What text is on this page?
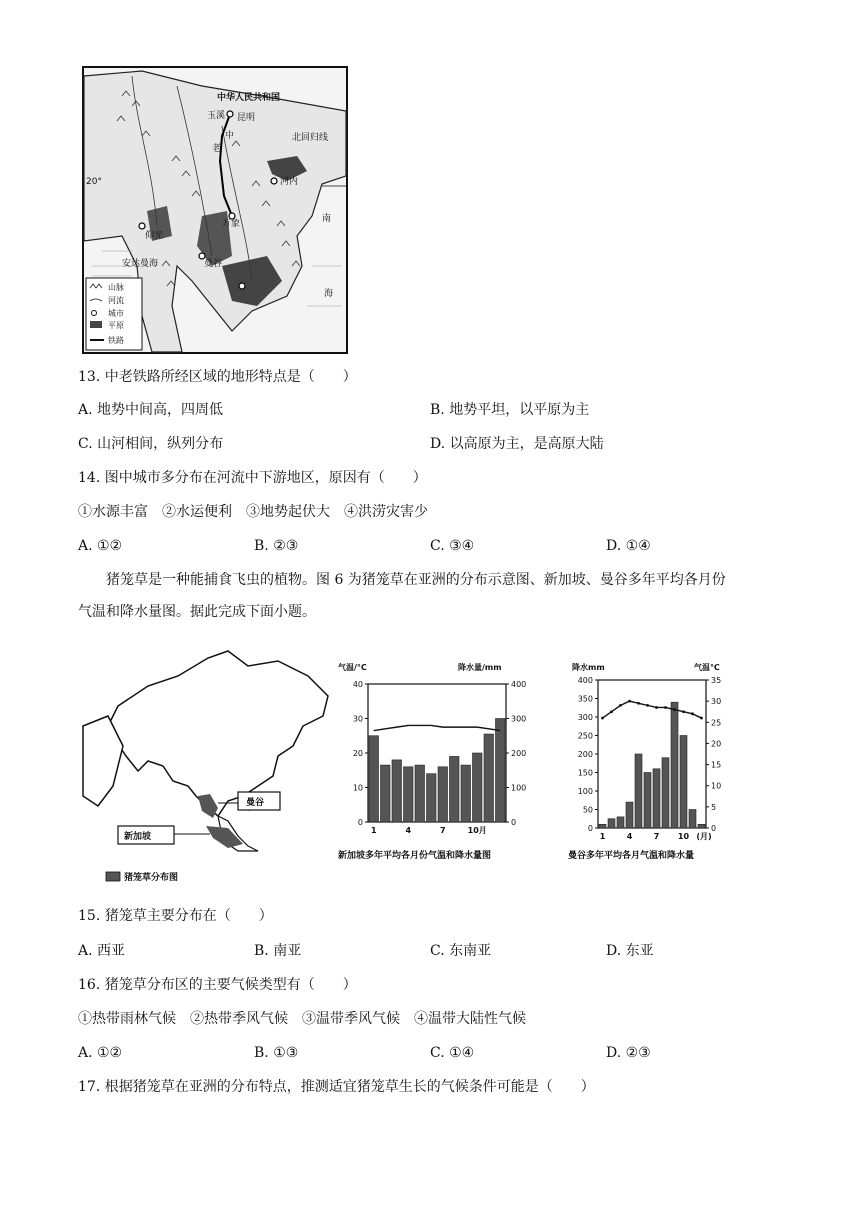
中华人民共和国
玉溪 昆明
中	北回归线
20°	河内
南
海
老
仰光
万象
安达曼海	曼谷
山脉
河流
城市
平原
铁路
13. 中老铁路所经区域的地形特点是（　　）
A. 地势中间高，四周低	B. 地势平坦，以平原为主
C. 山河相间，纵列分布	D. 以高原为主，是高原大陆
14. 图中城市多分布在河流中下游地区，原因有（　　）
①水源丰富　②水运便利　③地势起伏大　④洪涝灾害少
A. ①②	B. ②③	C. ③④	D. ①④
猪笼草是一种能捕食飞虫的植物。图 6 为猪笼草在亚洲的分布示意图、新加坡、曼谷多年平均各月份
气温和降水量图。据此完成下面小题。
曼谷
新加坡
猪笼草分布图
气温/°C	降水量/mm
0
10
20
30
40
0
100
200
300
400
1	4	7	10月
新加坡多年平均各月份气温和降水量图
降水mm	气温℃
0
50
100
150
200
250
300
350
400
0
5
10
15
20
25
30
35
1	4	7 10 (月)
曼谷多年平均各月气温和降水量
15. 猪笼草主要分布在（　　）
A. 西亚	B. 南亚	C. 东南亚	D. 东亚
16. 猪笼草分布区的主要气候类型有（　　）
①热带雨林气候　②热带季风气候　③温带季风气候　④温带大陆性气候
A. ①②	B. ①③	C. ①④	D. ②③
17. 根据猪笼草在亚洲的分布特点，推测适宜猪笼草生长的气候条件可能是（　　）
